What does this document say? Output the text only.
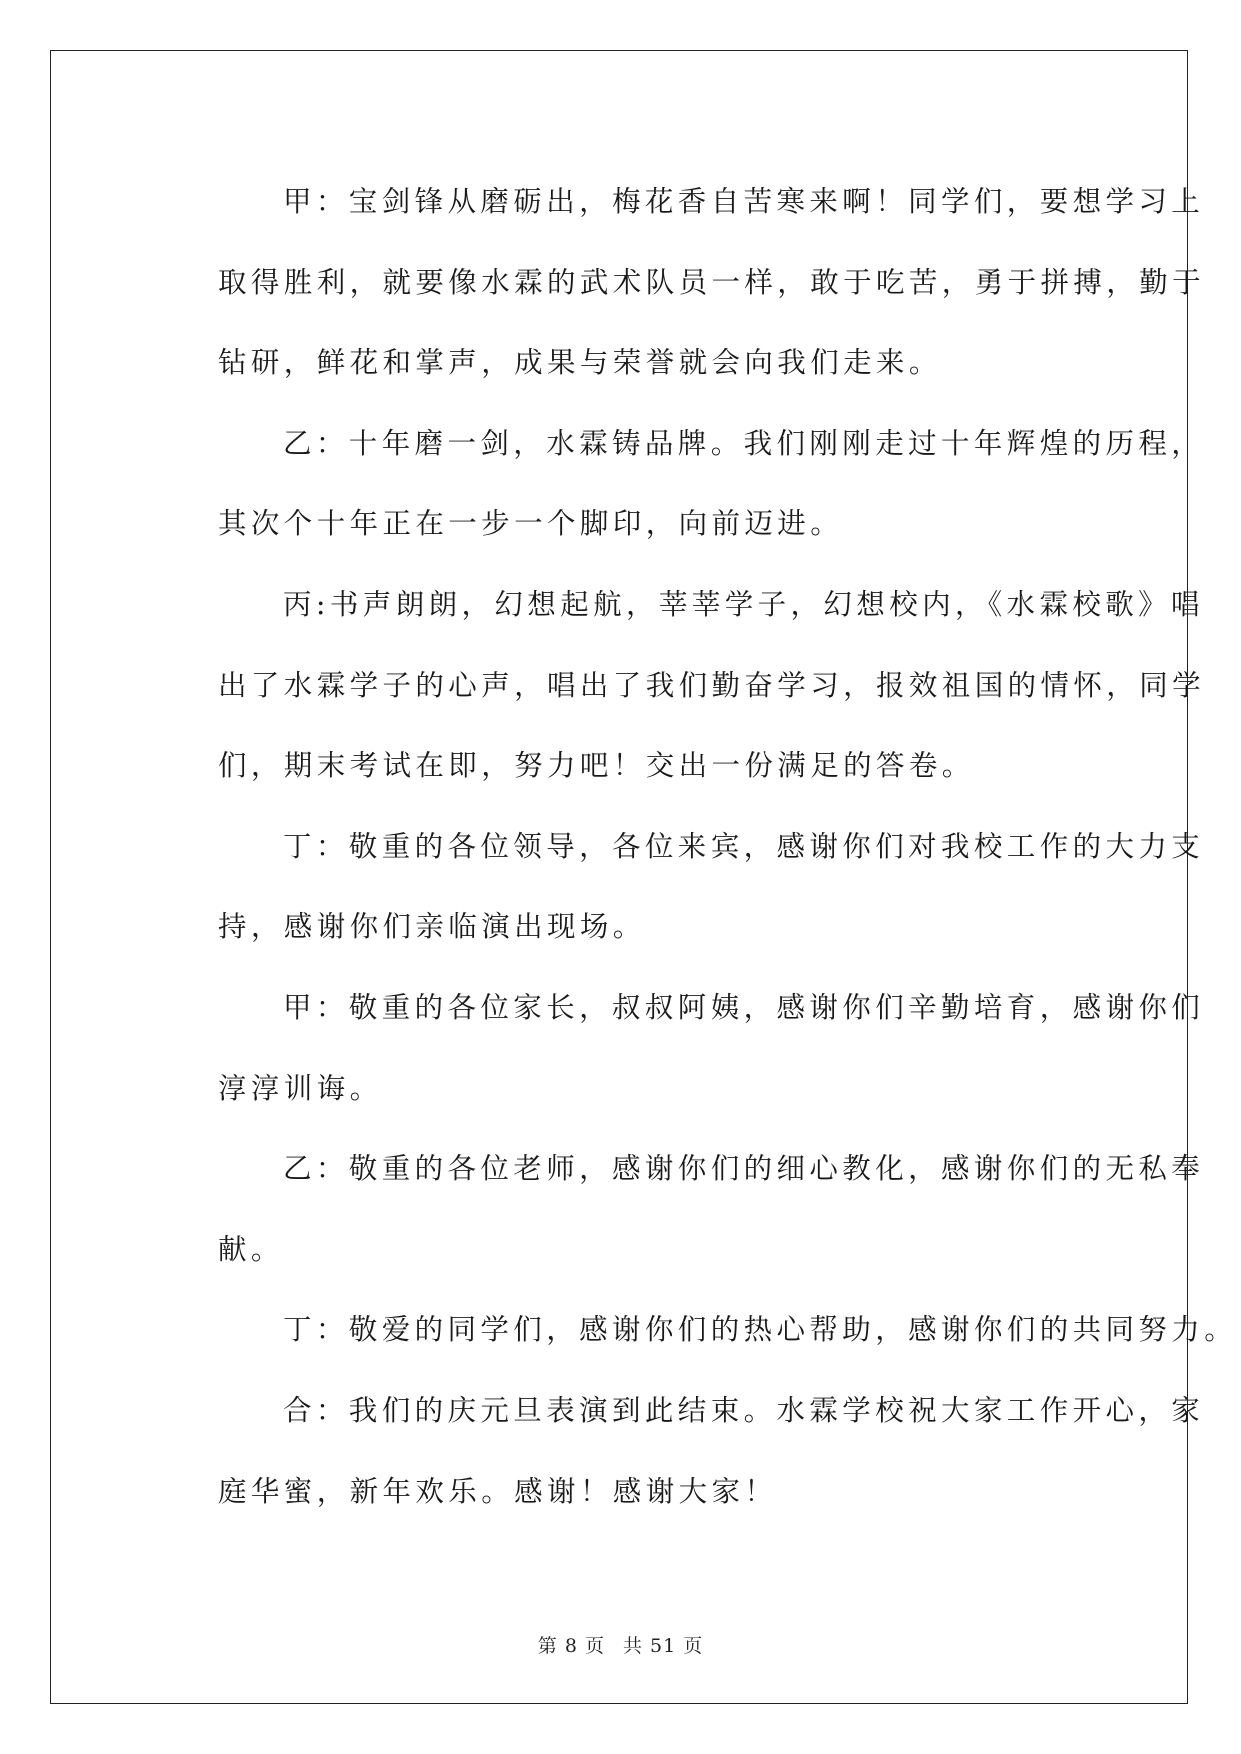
甲：宝剑锋从磨砺出，梅花香自苦寒来啊！同学们，要想学习上
取得胜利，就要像水霖的武术队员一样，敢于吃苦，勇于拼搏，勤于
钻研，鲜花和掌声，成果与荣誉就会向我们走来。
乙：十年磨一剑，水霖铸品牌。我们刚刚走过十年辉煌的历程，
其次个十年正在一步一个脚印，向前迈进。
丙:书声朗朗，幻想起航，莘莘学子，幻想校内，《水霖校歌》唱
出了水霖学子的心声，唱出了我们勤奋学习，报效祖国的情怀，同学
们，期末考试在即，努力吧！交出一份满足的答卷。
丁：敬重的各位领导，各位来宾，感谢你们对我校工作的大力支
持，感谢你们亲临演出现场。
甲：敬重的各位家长，叔叔阿姨，感谢你们辛勤培育，感谢你们
淳淳训诲。
乙：敬重的各位老师，感谢你们的细心教化，感谢你们的无私奉
献。
丁：敬爱的同学们，感谢你们的热心帮助，感谢你们的共同努力。
合：我们的庆元旦表演到此结束。水霖学校祝大家工作开心，家
庭华蜜，新年欢乐。感谢！感谢大家！
第 8 页 共 51 页
